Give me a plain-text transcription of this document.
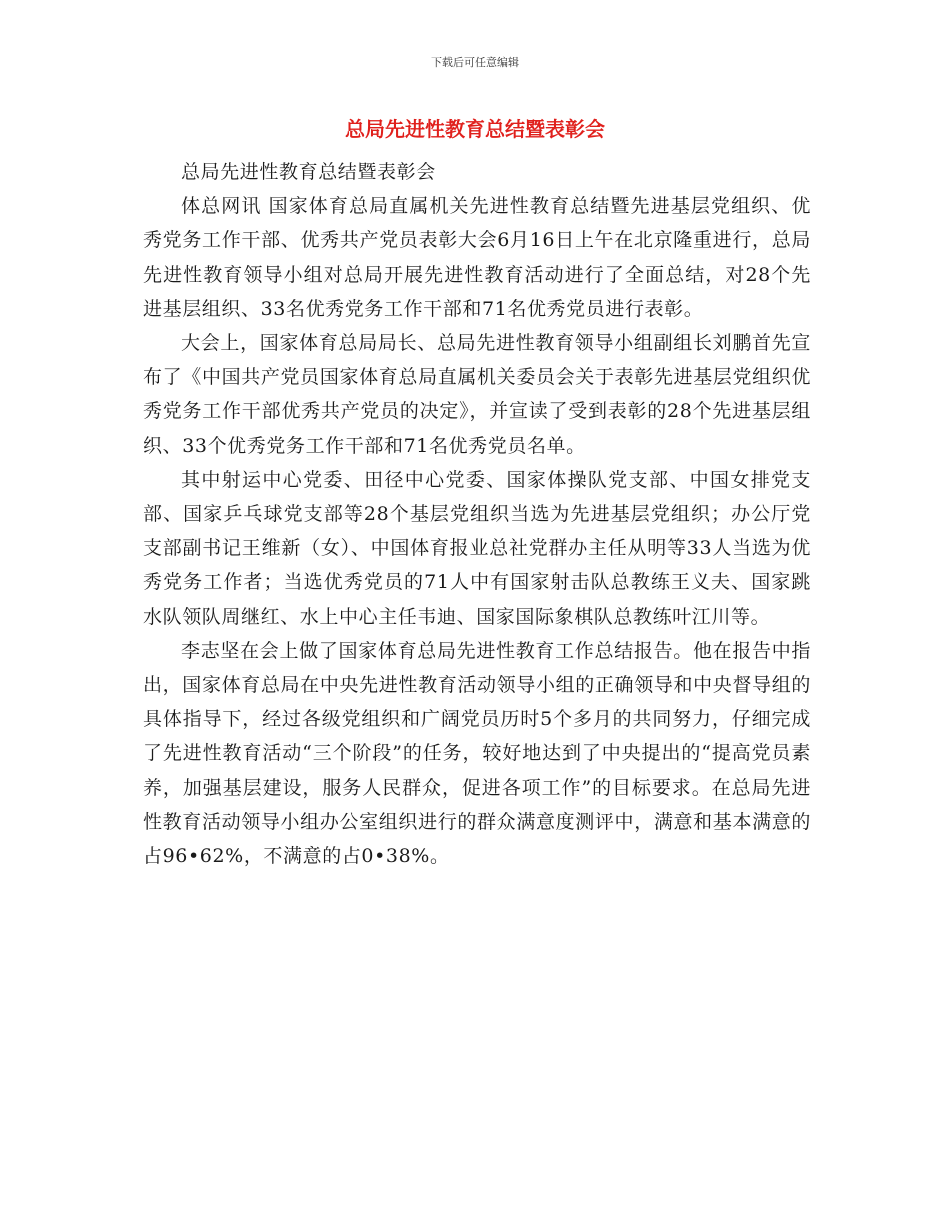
下载后可任意编辑
总局先进性教育总结暨表彰会

总局先进性教育总结暨表彰会

体总网讯 国家体育总局直属机关先进性教育总结暨先进基层党组织、优秀党务工作干部、优秀共产党员表彰大会6月16日上午在北京隆重进行，总局先进性教育领导小组对总局开展先进性教育活动进行了全面总结，对28个先进基层组织、33名优秀党务工作干部和71名优秀党员进行表彰。

大会上，国家体育总局局长、总局先进性教育领导小组副组长刘鹏首先宣布了《中国共产党员国家体育总局直属机关委员会关于表彰先进基层党组织优秀党务工作干部优秀共产党员的决定》，并宣读了受到表彰的28个先进基层组织、33个优秀党务工作干部和71名优秀党员名单。

其中射运中心党委、田径中心党委、国家体操队党支部、中国女排党支部、国家乒乓球党支部等28个基层党组织当选为先进基层党组织；办公厅党支部副书记王维新（女）、中国体育报业总社党群办主任从明等33人当选为优秀党务工作者；当选优秀党员的71人中有国家射击队总教练王义夫、国家跳水队领队周继红、水上中心主任韦迪、国家国际象棋队总教练叶江川等。

李志坚在会上做了国家体育总局先进性教育工作总结报告。他在报告中指出，国家体育总局在中央先进性教育活动领导小组的正确领导和中央督导组的具体指导下，经过各级党组织和广阔党员历时5个多月的共同努力，仔细完成了先进性教育活动“三个阶段”的任务，较好地达到了中央提出的“提高党员素养，加强基层建设，服务人民群众，促进各项工作”的目标要求。在总局先进性教育活动领导小组办公室组织进行的群众满意度测评中，满意和基本满意的占96•62%，不满意的占0•38%。
